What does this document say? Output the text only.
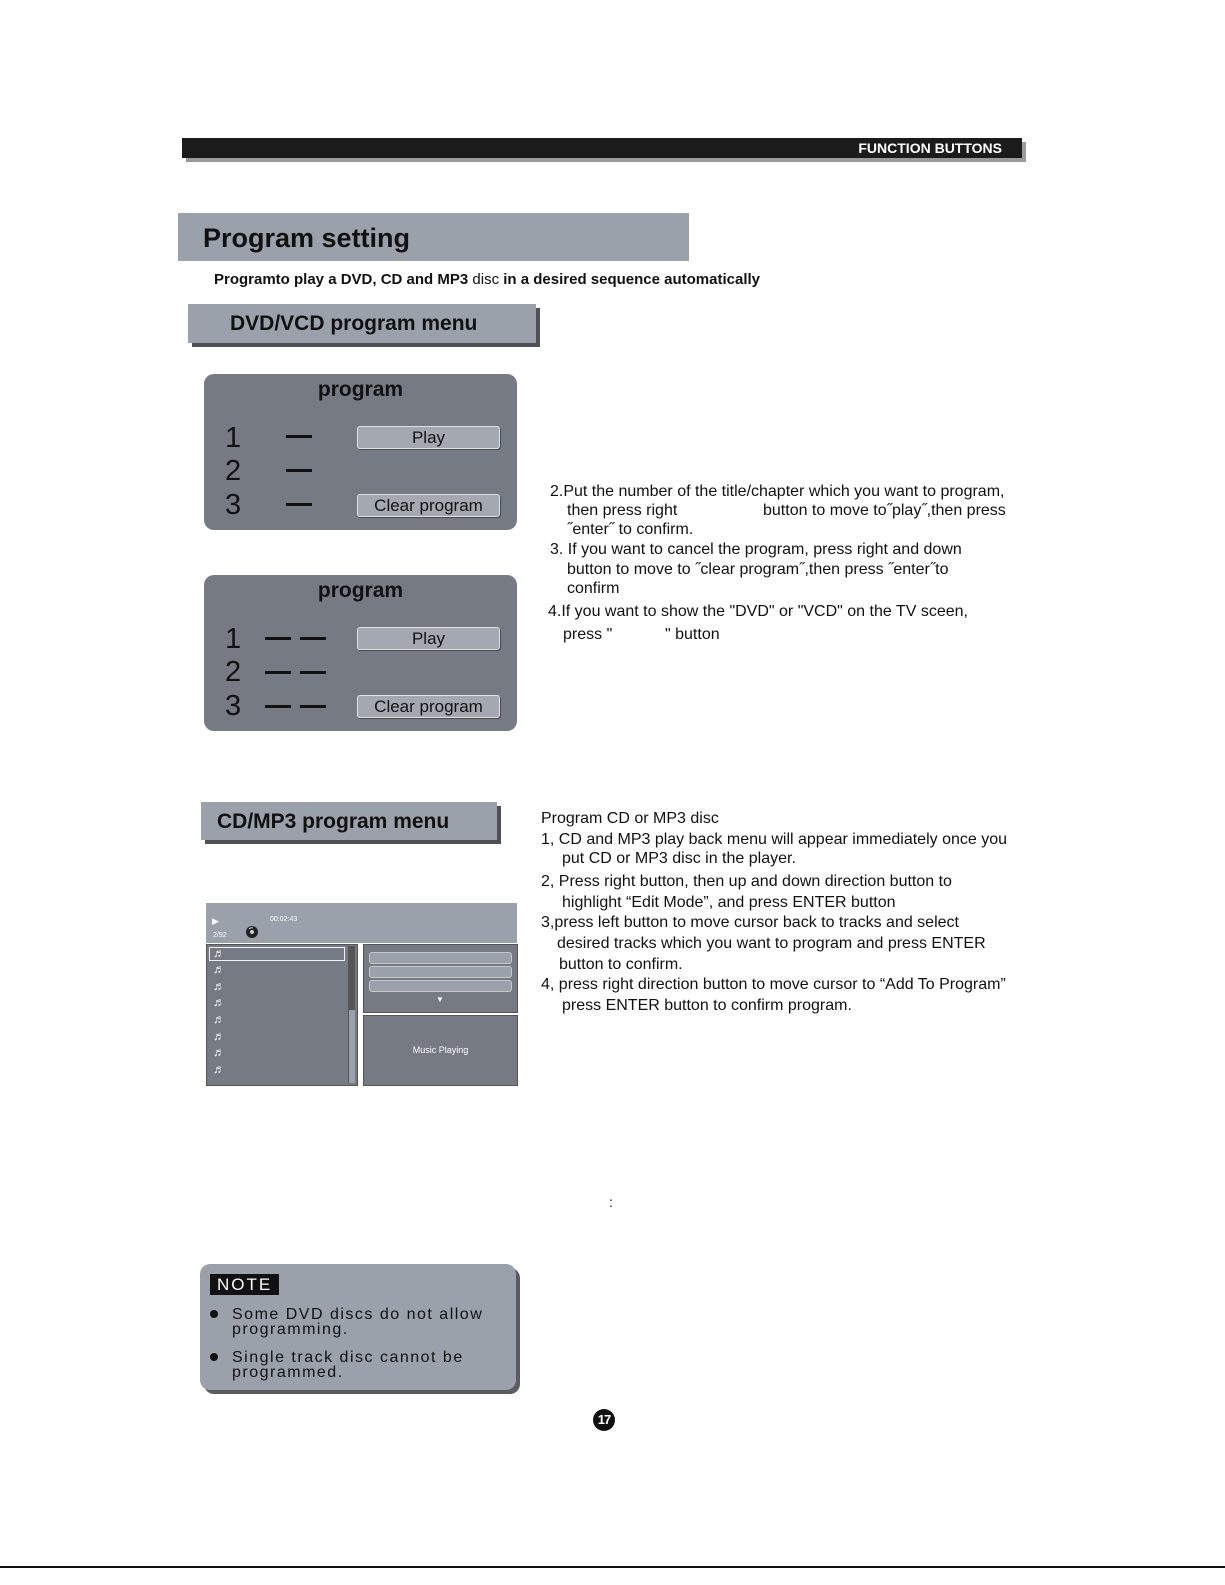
FUNCTION BUTTONS
Program setting
Programto play a DVD, CD and MP3 disc in a desired sequence automatically
DVD/VCD program menu
program
1
2
3
Play
Clear program
program
1
2
3
Play
Clear program
2.Put the number of the title/chapter which you want to program,
then press right	button to move to˝play˝,then press
˝enter˝ to confirm.
3. If you want to cancel the program, press right and down
button to move to ˝clear program˝,then press ˝enter˝to
confirm
4.If you want to show the "DVD" or "VCD" on the TV sceen,
press "	" button
CD/MP3 program menu
▶	00:02:43
2/92
♬
♬
♬
♬
♬
♬
♬
♬
▼
Music Playing
Program CD or MP3 disc
1, CD and MP3 play back menu will appear immediately once you
put CD or MP3 disc in the player.
2, Press right button, then up and down direction button to
highlight “Edit Mode”, and press ENTER button
3,press left button to move cursor back to tracks and select
desired tracks which you want to program and press ENTER
button to confirm.
4, press right direction button to move cursor to “Add To Program”
press ENTER button to confirm program.
:
NOTE
Some DVD discs do not allow
programming.
Single track disc cannot be
programmed.
17
